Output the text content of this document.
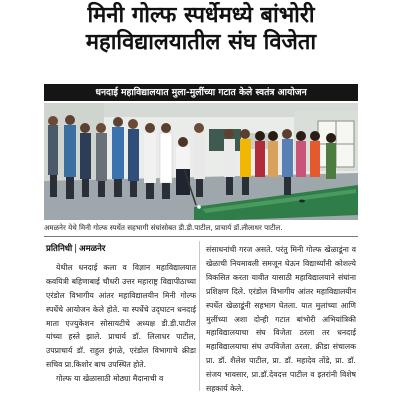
मिनी गोल्फ स्पर्धेमध्ये बांभोरी
महाविद्यालयातील संघ विजेता
धनदाई महाविद्यालयात मुला-मुलींच्या गटात केले स्वतंत्र आयोजन
अमळनेर येथे मिनी गोल्फ स्पर्धेत सहभागी संघांसोबत डी.डी.पाटील, प्राचार्य डॉ.लीलाधर पाटील.
प्रतिनिधी | अमळनेर

येथील धनदाई कला व विज्ञान महाविद्यालयात कवयित्री बहिणाबाई चौधरी उत्तर महाराष्ट्र विद्यापीठाच्या एरंडोल विभागीय आंतर महाविद्यालयीन मिनी गोल्फ स्पर्धेचे आयोजन केले होते. या स्पर्धेचे उद्‌घाटन धनदाई माता एज्युकेशन सोसायटीचे अध्यक्ष डी.डी.पाटील यांच्या हस्ते झाले. प्राचार्य डॉ. लिलाधर पाटील, उपप्राचार्य डॉ. राहुल इंगळे, एरंडोल विभागाचे क्रीडा सचिव प्रा.किशोर बाच उपस्थित होते.

गोल्फ या खेळासाठी मोठ्या मैदानाची व

संसाधनांची गरज असते. परंतु मिनी गोल्फ खेळाडूंना व खेळाची नियमावली समजून घेऊन विद्यार्थ्यांनी कोशल्ये विकसित करता यावीत यासाठी महाविद्यालयाने संघांना प्रशिक्षण दिले. एरंडोल विभागीय आंतर महाविद्यालयीन स्पर्धेत खेळाडूंनी सहभाग घेतला. यात मुलांच्या आणि मुलींच्या अशा दोन्ही गटात बांभोरी अभियांत्रिकी महाविद्यालयाचा संघ विजेता ठरला तर धनदाई महाविद्यालयाचा संघ उपविजेता ठरला. क्रीडा संचालक प्रा. डॉ. शैलेश पाटील, प्रा. डॉ. महादेव तोंडे, प्रा. डॉ. संजय भावसार, प्रा.डॉ.देवदत्त पाटील व इतरांनी विशेष सहकार्य केले.
